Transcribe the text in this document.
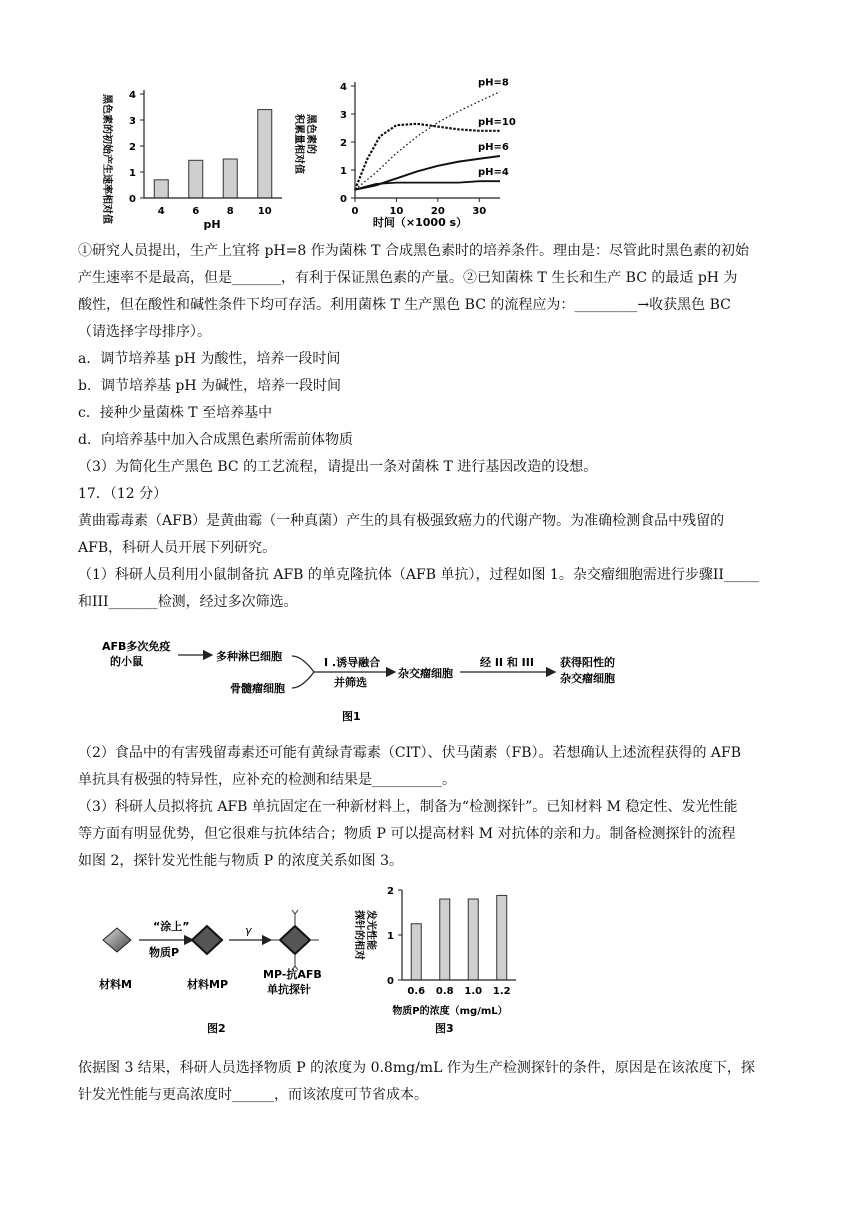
黑色素的初始产生速率相对值 0
1
2
3
4
4	6	8 10
pH
黑色素的 积累量相对值
0
1
2
3
4
0	10	20	30
pH=8
pH=10
pH=6
pH=4
时间（×1000 s）
①研究人员提出，生产上宜将 pH=8 作为菌株 T 合成黑色素时的培养条件。理由是：尽管此时黑色素的初始
产生速率不是最高，但是_______，有利于保证黑色素的产量。②已知菌株 T 生长和生产 BC 的最适 pH 为
酸性，但在酸性和碱性条件下均可存活。利用菌株 T 生产黑色 BC 的流程应为：_________→收获黑色 BC
（请选择字母排序）。
a．调节培养基 pH 为酸性，培养一段时间
b．调节培养基 pH 为碱性，培养一段时间
c．接种少量菌株 T 至培养基中
d．向培养基中加入合成黑色素所需前体物质
（3）为简化生产黑色 BC 的工艺流程，请提出一条对菌株 T 进行基因改造的设想。
17．（12 分）
黄曲霉毒素（AFB）是黄曲霉（一种真菌）产生的具有极强致癌力的代谢产物。为准确检测食品中残留的
AFB，科研人员开展下列研究。
（1）科研人员利用小鼠制备抗 AFB 的单克隆抗体（AFB 单抗），过程如图 1。杂交瘤细胞需进行步骤II_____
和III_______检测，经过多次筛选。
AFB多次免疫 的小鼠	多种淋巴细胞
骨髓瘤细胞
I .诱导融合
并筛选
杂交瘤细胞
经 II 和 III 获得阳性的 杂交瘤细胞
图1
（2）食品中的有害残留毒素还可能有黄绿青霉素（CIT）、伏马菌素（FB）。若想确认上述流程获得的 AFB
单抗具有极强的特异性，应补充的检测和结果是__________。
（3）科研人员拟将抗 AFB 单抗固定在一种新材料上，制备为“检测探针”。已知材料 M 稳定性、发光性能
等方面有明显优势，但它很难与抗体结合；物质 P 可以提高材料 M 对抗体的亲和力。制备检测探针的流程
如图 2，探针发光性能与物质 P 的浓度关系如图 3。
“涂上” 物质P
γ
材料M	材料MP
MP-抗AFB 单抗探针
图2
探针的相对 发光性能
0
1
2
0.6 0.8 1.0 1.2
物质P的浓度（mg/mL）
图3
依据图 3 结果，科研人员选择物质 P 的浓度为 0.8mg/mL 作为生产检测探针的条件，原因是在该浓度下，探
针发光性能与更高浓度时______，而该浓度可节省成本。
